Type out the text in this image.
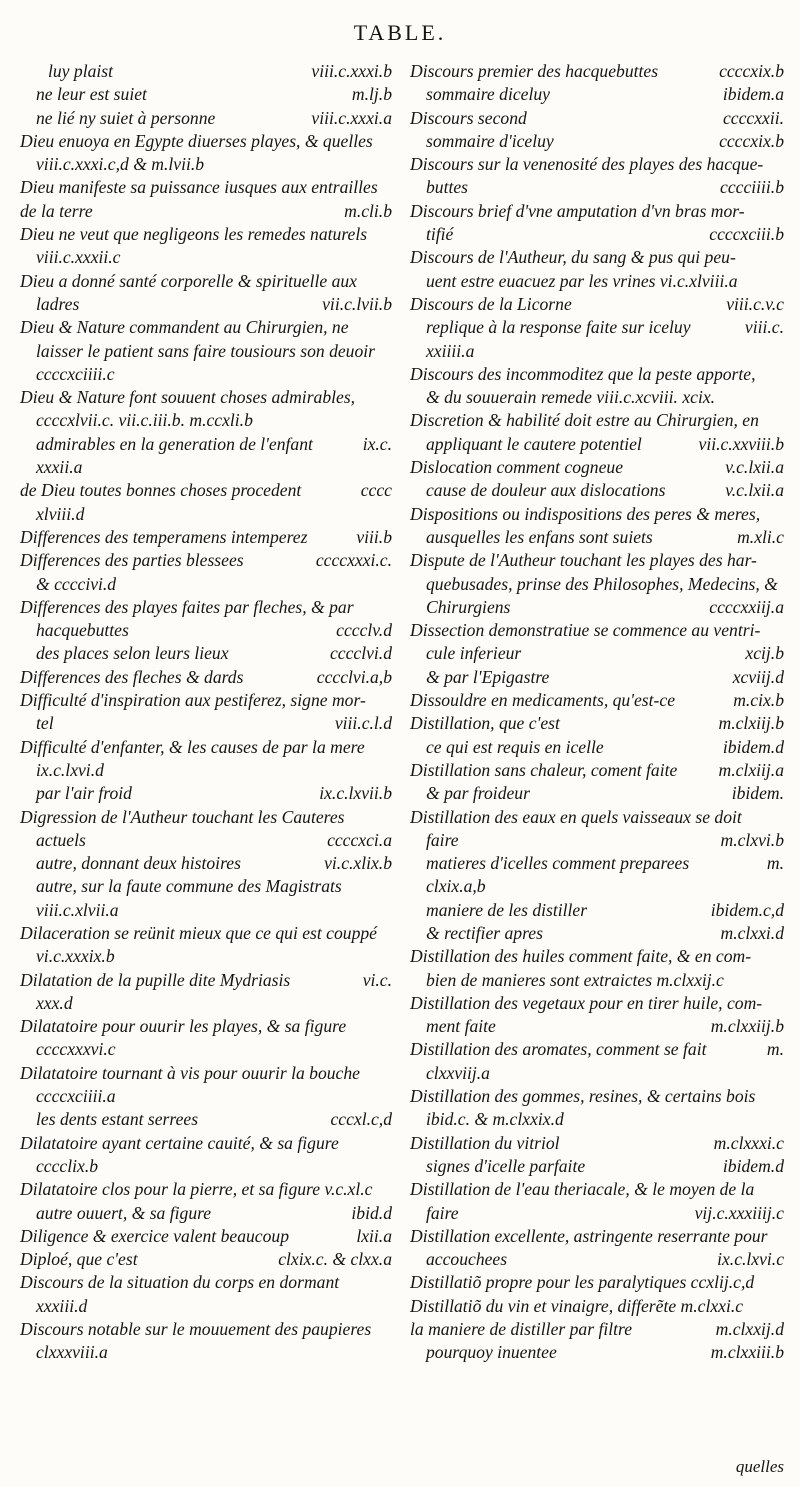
TABLE.
luy plaist	viii.c.xxxi.b
ne leur est suiet	m.lj.b
ne lié ny suiet à personne	viii.c.xxxi.a
Dieu enuoya en Egypte diuerses playes, & quelles
viii.c.xxxi.c,d & m.lvii.b
Dieu manifeste sa puissance iusques aux entrailles
de la terre	m.cli.b
Dieu ne veut que negligeons les remedes naturels
viii.c.xxxii.c
Dieu a donné santé corporelle & spirituelle aux
ladres	vii.c.lvii.b
Dieu & Nature commandent au Chirurgien, ne
laisser le patient sans faire tousiours son deuoir
ccccxciiii.c
Dieu & Nature font souuent choses admirables,
ccccxlvii.c. vii.c.iii.b. m.ccxli.b
admirables en la generation de l'enfant	ix.c.
xxxii.a
de Dieu toutes bonnes choses procedent	cccc
xlviii.d
Differences des temperamens intemperez	viii.b
Differences des parties blessees	ccccxxxi.c.
& ccccivi.d
Differences des playes faites par fleches, & par
hacquebuttes	cccclv.d
des places selon leurs lieux	cccclvi.d
Differences des fleches & dards	cccclvi.a,b
Difficulté d'inspiration aux pestiferez, signe mor-
tel	viii.c.l.d
Difficulté d'enfanter, & les causes de par la mere
ix.c.lxvi.d
par l'air froid	ix.c.lxvii.b
Digression de l'Autheur touchant les Cauteres
actuels	ccccxci.a
autre, donnant deux histoires	vi.c.xlix.b
autre, sur la faute commune des Magistrats
viii.c.xlvii.a
Dilaceration se reünit mieux que ce qui est couppé
vi.c.xxxix.b
Dilatation de la pupille dite Mydriasis	vi.c.
xxx.d
Dilatatoire pour ouurir les playes, & sa figure
ccccxxxvi.c
Dilatatoire tournant à vis pour ouurir la bouche
ccccxciiii.a
les dents estant serrees	cccxl.c,d
Dilatatoire ayant certaine cauité, & sa figure
cccclix.b
Dilatatoire clos pour la pierre, et sa figure v.c.xl.c
autre ouuert, & sa figure	ibid.d
Diligence & exercice valent beaucoup	lxii.a
Diploé, que c'est	clxix.c. & clxx.a
Discours de la situation du corps en dormant
xxxiii.d
Discours notable sur le mouuement des paupieres
clxxxviii.a
Discours premier des hacquebuttes	ccccxix.b
sommaire diceluy	ibidem.a
Discours second	ccccxxii.
sommaire d'iceluy	ccccxix.b
Discours sur la venenosité des playes des hacque-
buttes	cccciiii.b
Discours brief d'vne amputation d'vn bras mor-
tifié	ccccxciii.b
Discours de l'Autheur, du sang & pus qui peu-
uent estre euacuez par les vrines vi.c.xlviii.a
Discours de la Licorne	viii.c.v.c
replique à la response faite sur iceluy	viii.c.
xxiiii.a
Discours des incommoditez que la peste apporte,
& du souuerain remede viii.c.xcviii. xcix.
Discretion & habilité doit estre au Chirurgien, en
appliquant le cautere potentiel	vii.c.xxviii.b
Dislocation comment cogneue	v.c.lxii.a
cause de douleur aux dislocations	v.c.lxii.a
Dispositions ou indispositions des peres & meres,
ausquelles les enfans sont suiets	m.xli.c
Dispute de l'Autheur touchant les playes des har-
quebusades, prinse des Philosophes, Medecins, &
Chirurgiens	ccccxxiij.a
Dissection demonstratiue se commence au ventri-
cule inferieur	xcij.b
& par l'Epigastre	xcviij.d
Dissouldre en medicaments, qu'est-ce	m.cix.b
Distillation, que c'est	m.clxiij.b
ce qui est requis en icelle	ibidem.d
Distillation sans chaleur, coment faite m.clxiij.a
& par froideur	ibidem.
Distillation des eaux en quels vaisseaux se doit
faire	m.clxvi.b
matieres d'icelles comment preparees	m.
clxix.a,b
maniere de les distiller	ibidem.c,d
& rectifier apres	m.clxxi.d
Distillation des huiles comment faite, & en com-
bien de manieres sont extraictes m.clxxij.c
Distillation des vegetaux pour en tirer huile, com-
ment faite	m.clxxiij.b
Distillation des aromates, comment se fait	m.
clxxviij.a
Distillation des gommes, resines, & certains bois
ibid.c. & m.clxxix.d
Distillation du vitriol	m.clxxxi.c
signes d'icelle parfaite	ibidem.d
Distillation de l'eau theriacale, & le moyen de la
faire	vij.c.xxxiiij.c
Distillation excellente, astringente reserrante pour
accouchees	ix.c.lxvi.c
Distillatiõ propre pour les paralytiques ccxlij.c,d
Distillatiõ du vin et vinaigre, differẽte m.clxxi.c
la maniere de distiller par filtre	m.clxxij.d
pourquoy inuentee	m.clxxiii.b
quelles
